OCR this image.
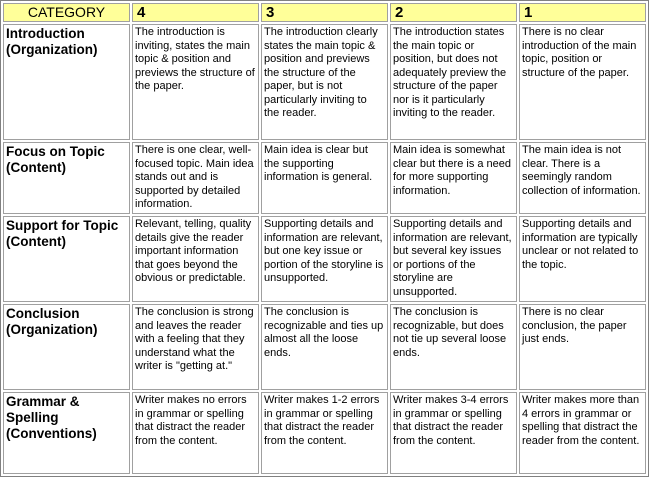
CATEGORY	4	3	2	1
Introduction (Organization)	The introduction is inviting, states the main topic & position and previews the structure of the paper.	The introduction clearly states the main topic & position and previews the structure of the paper, but is not particularly inviting to the reader.	The introduction states the main topic or position, but does not adequately preview the structure of the paper nor is it particularly inviting to the reader.	There is no clear introduction of the main topic, position or structure of the paper.
Focus on Topic (Content)	There is one clear, well-focused topic. Main idea stands out and is supported by detailed information.	Main idea is clear but the supporting information is general.	Main idea is somewhat clear but there is a need for more supporting information.	The main idea is not clear. There is a seemingly random collection of information.
Support for Topic (Content)	Relevant, telling, quality details give the reader important information that goes beyond the obvious or predictable.	Supporting details and information are relevant, but one key issue or portion of the storyline is unsupported.	Supporting details and information are relevant, but several key issues or portions of the storyline are unsupported.	Supporting details and information are typically unclear or not related to the topic.
Conclusion (Organization)	The conclusion is strong and leaves the reader with a feeling that they understand what the writer is "getting at."	The conclusion is recognizable and ties up almost all the loose ends.	The conclusion is recognizable, but does not tie up several loose ends.	There is no clear conclusion, the paper just ends.
Grammar & Spelling (Conventions)	Writer makes no errors in grammar or spelling that distract the reader from the content.	Writer makes 1-2 errors in grammar or spelling that distract the reader from the content.	Writer makes 3-4 errors in grammar or spelling that distract the reader from the content.	Writer makes more than 4 errors in grammar or spelling that distract the reader from the content.
